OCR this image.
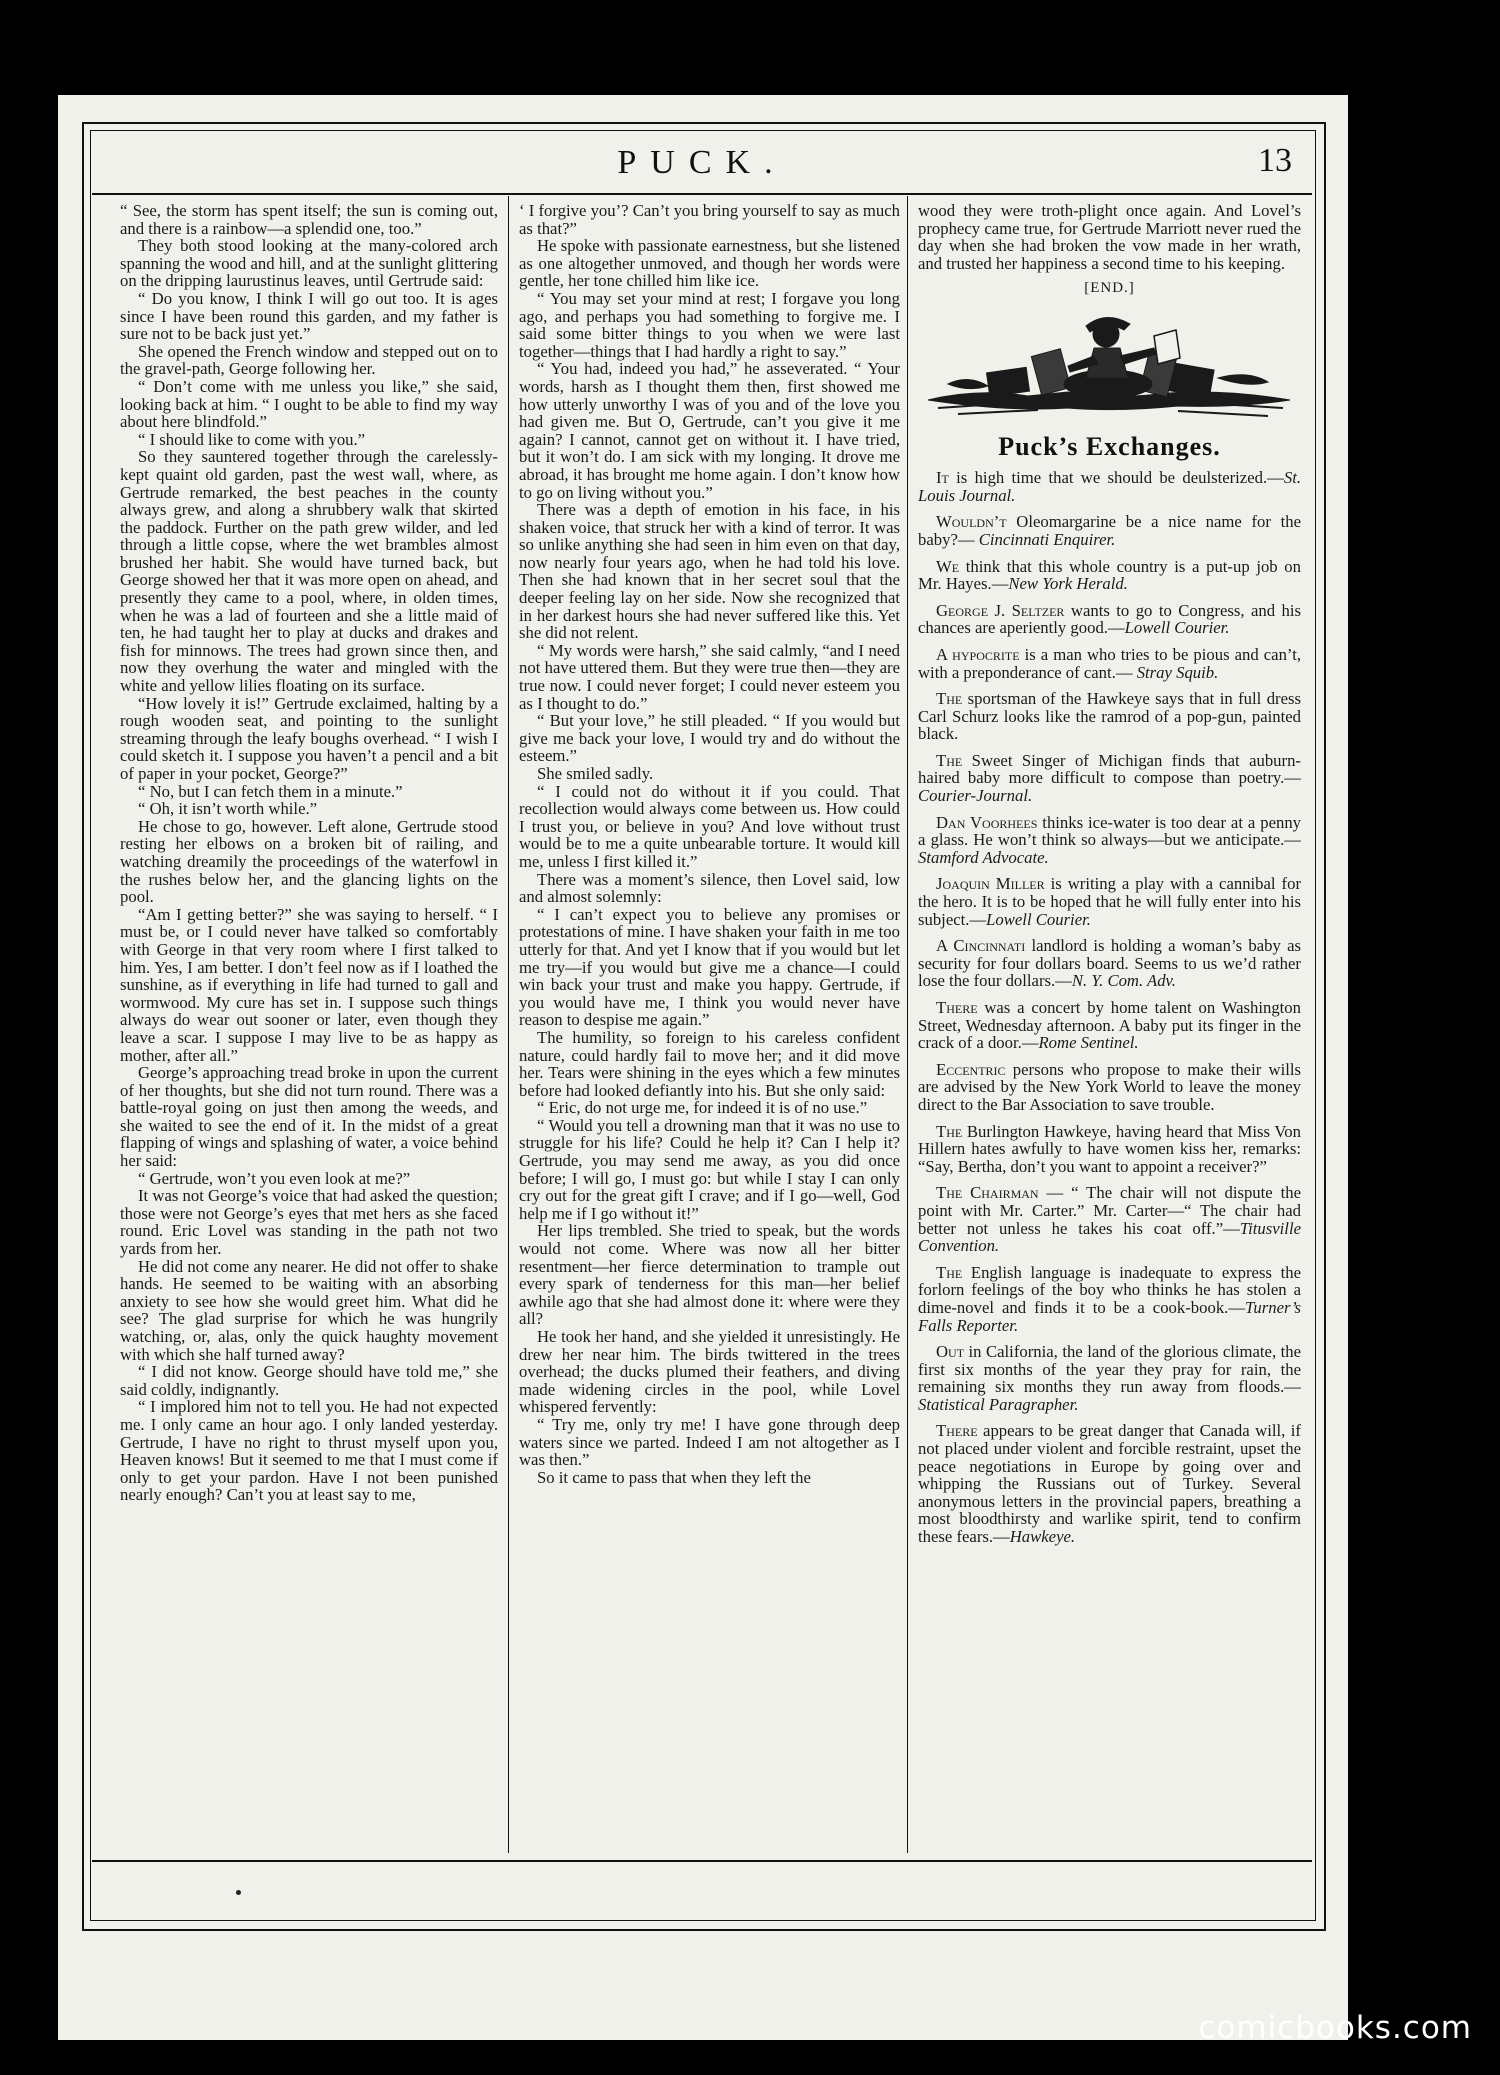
PUCK.	13

“ See, the storm has spent itself; the sun is coming out, and there is a rainbow—a splendid one, too.”

They both stood looking at the many-colored arch spanning the wood and hill, and at the sunlight glittering on the dripping laurustinus leaves, until Gertrude said:

“ Do you know, I think I will go out too. It is ages since I have been round this garden, and my father is sure not to be back just yet.”

She opened the French window and stepped out on to the gravel-path, George following her.

“ Don’t come with me unless you like,” she said, looking back at him. “ I ought to be able to find my way about here blindfold.”

“ I should like to come with you.”

So they sauntered together through the carelessly-kept quaint old garden, past the west wall, where, as Gertrude remarked, the best peaches in the county always grew, and along a shrubbery walk that skirted the paddock. Further on the path grew wilder, and led through a little copse, where the wet brambles almost brushed her habit. She would have turned back, but George showed her that it was more open on ahead, and presently they came to a pool, where, in olden times, when he was a lad of fourteen and she a little maid of ten, he had taught her to play at ducks and drakes and fish for minnows. The trees had grown since then, and now they overhung the water and mingled with the white and yellow lilies floating on its surface.

“How lovely it is!” Gertrude exclaimed, halting by a rough wooden seat, and pointing to the sunlight streaming through the leafy boughs overhead. “ I wish I could sketch it. I suppose you haven’t a pencil and a bit of paper in your pocket, George?”

“ No, but I can fetch them in a minute.”

“ Oh, it isn’t worth while.”

He chose to go, however. Left alone, Gertrude stood resting her elbows on a broken bit of railing, and watching dreamily the proceedings of the waterfowl in the rushes below her, and the glancing lights on the pool.

“Am I getting better?” she was saying to herself. “ I must be, or I could never have talked so comfortably with George in that very room where I first talked to him. Yes, I am better. I don’t feel now as if I loathed the sunshine, as if everything in life had turned to gall and wormwood. My cure has set in. I suppose such things always do wear out sooner or later, even though they leave a scar. I suppose I may live to be as happy as mother, after all.”

George’s approaching tread broke in upon the current of her thoughts, but she did not turn round. There was a battle-royal going on just then among the weeds, and she waited to see the end of it. In the midst of a great flapping of wings and splashing of water, a voice behind her said:

“ Gertrude, won’t you even look at me?”

It was not George’s voice that had asked the question; those were not George’s eyes that met hers as she faced round. Eric Lovel was standing in the path not two yards from her.

He did not come any nearer. He did not offer to shake hands. He seemed to be waiting with an absorbing anxiety to see how she would greet him. What did he see? The glad surprise for which he was hungrily watching, or, alas, only the quick haughty movement with which she half turned away?

“ I did not know. George should have told me,” she said coldly, indignantly.

“ I implored him not to tell you. He had not expected me. I only came an hour ago. I only landed yesterday. Gertrude, I have no right to thrust myself upon you, Heaven knows! But it seemed to me that I must come if only to get your pardon. Have I not been punished nearly enough? Can’t you at least say to me,

‘ I forgive you’? Can’t you bring yourself to say as much as that?”

He spoke with passionate earnestness, but she listened as one altogether unmoved, and though her words were gentle, her tone chilled him like ice.

“ You may set your mind at rest; I forgave you long ago, and perhaps you had something to forgive me. I said some bitter things to you when we were last together—things that I had hardly a right to say.”

“ You had, indeed you had,” he asseverated. “ Your words, harsh as I thought them then, first showed me how utterly unworthy I was of you and of the love you had given me. But O, Gertrude, can’t you give it me again? I cannot, cannot get on without it. I have tried, but it won’t do. I am sick with my longing. It drove me abroad, it has brought me home again. I don’t know how to go on living without you.”

There was a depth of emotion in his face, in his shaken voice, that struck her with a kind of terror. It was so unlike anything she had seen in him even on that day, now nearly four years ago, when he had told his love. Then she had known that in her secret soul that the deeper feeling lay on her side. Now she recognized that in her darkest hours she had never suffered like this. Yet she did not relent.

“ My words were harsh,” she said calmly, “and I need not have uttered them. But they were true then—they are true now. I could never forget; I could never esteem you as I thought to do.”

“ But your love,” he still pleaded. “ If you would but give me back your love, I would try and do without the esteem.”

She smiled sadly.

“ I could not do without it if you could. That recollection would always come between us. How could I trust you, or believe in you? And love without trust would be to me a quite unbearable torture. It would kill me, unless I first killed it.”

There was a moment’s silence, then Lovel said, low and almost solemnly:

“ I can’t expect you to believe any promises or protestations of mine. I have shaken your faith in me too utterly for that. And yet I know that if you would but let me try—if you would but give me a chance—I could win back your trust and make you happy. Gertrude, if you would have me, I think you would never have reason to despise me again.”

The humility, so foreign to his careless confident nature, could hardly fail to move her; and it did move her. Tears were shining in the eyes which a few minutes before had looked defiantly into his. But she only said:

“ Eric, do not urge me, for indeed it is of no use.”

“ Would you tell a drowning man that it was no use to struggle for his life? Could he help it? Can I help it? Gertrude, you may send me away, as you did once before; I will go, I must go: but while I stay I can only cry out for the great gift I crave; and if I go—well, God help me if I go without it!”

Her lips trembled. She tried to speak, but the words would not come. Where was now all her bitter resentment—her fierce determination to trample out every spark of tenderness for this man—her belief awhile ago that she had almost done it: where were they all?

He took her hand, and she yielded it unresistingly. He drew her near him. The birds twittered in the trees overhead; the ducks plumed their feathers, and diving made widening circles in the pool, while Lovel whispered fervently:

“ Try me, only try me! I have gone through deep waters since we parted. Indeed I am not altogether as I was then.”

So it came to pass that when they left the

wood they were troth-plight once again. And Lovel’s prophecy came true, for Gertrude Marriott never rued the day when she had broken the vow made in her wrath, and trusted her happiness a second time to his keeping.

[END.]

Puck’s Exchanges.

It is high time that we should be deulsterized.—St. Louis Journal.

Wouldn’t Oleomargarine be a nice name for the baby?— Cincinnati Enquirer.

We think that this whole country is a put-up job on Mr. Hayes.—New York Herald.

George J. Seltzer wants to go to Congress, and his chances are aperiently good.—Lowell Courier.

A hypocrite is a man who tries to be pious and can’t, with a preponderance of cant.— Stray Squib.

The sportsman of the Hawkeye says that in full dress Carl Schurz looks like the ramrod of a pop-gun, painted black.

The Sweet Singer of Michigan finds that auburn-haired baby more difficult to compose than poetry.—Courier-Journal.

Dan Voorhees thinks ice-water is too dear at a penny a glass. He won’t think so always—but we anticipate.—Stamford Advocate.

Joaquin Miller is writing a play with a cannibal for the hero. It is to be hoped that he will fully enter into his subject.—Lowell Courier.

A Cincinnati landlord is holding a woman’s baby as security for four dollars board. Seems to us we’d rather lose the four dollars.—N. Y. Com. Adv.

There was a concert by home talent on Washington Street, Wednesday afternoon. A baby put its finger in the crack of a door.—Rome Sentinel.

Eccentric persons who propose to make their wills are advised by the New York World to leave the money direct to the Bar Association to save trouble.

The Burlington Hawkeye, having heard that Miss Von Hillern hates awfully to have women kiss her, remarks: “Say, Bertha, don’t you want to appoint a receiver?”

The Chairman — “ The chair will not dispute the point with Mr. Carter.” Mr. Carter—“ The chair had better not unless he takes his coat off.”—Titusville Convention.

The English language is inadequate to express the forlorn feelings of the boy who thinks he has stolen a dime-novel and finds it to be a cook-book.—Turner’s Falls Reporter.

Out in California, the land of the glorious climate, the first six months of the year they pray for rain, the remaining six months they run away from floods.—Statistical Paragrapher.

There appears to be great danger that Canada will, if not placed under violent and forcible restraint, upset the peace negotiations in Europe by going over and whipping the Russians out of Turkey. Several anonymous letters in the provincial papers, breathing a most bloodthirsty and warlike spirit, tend to confirm these fears.—Hawkeye.

comicbooks.com
